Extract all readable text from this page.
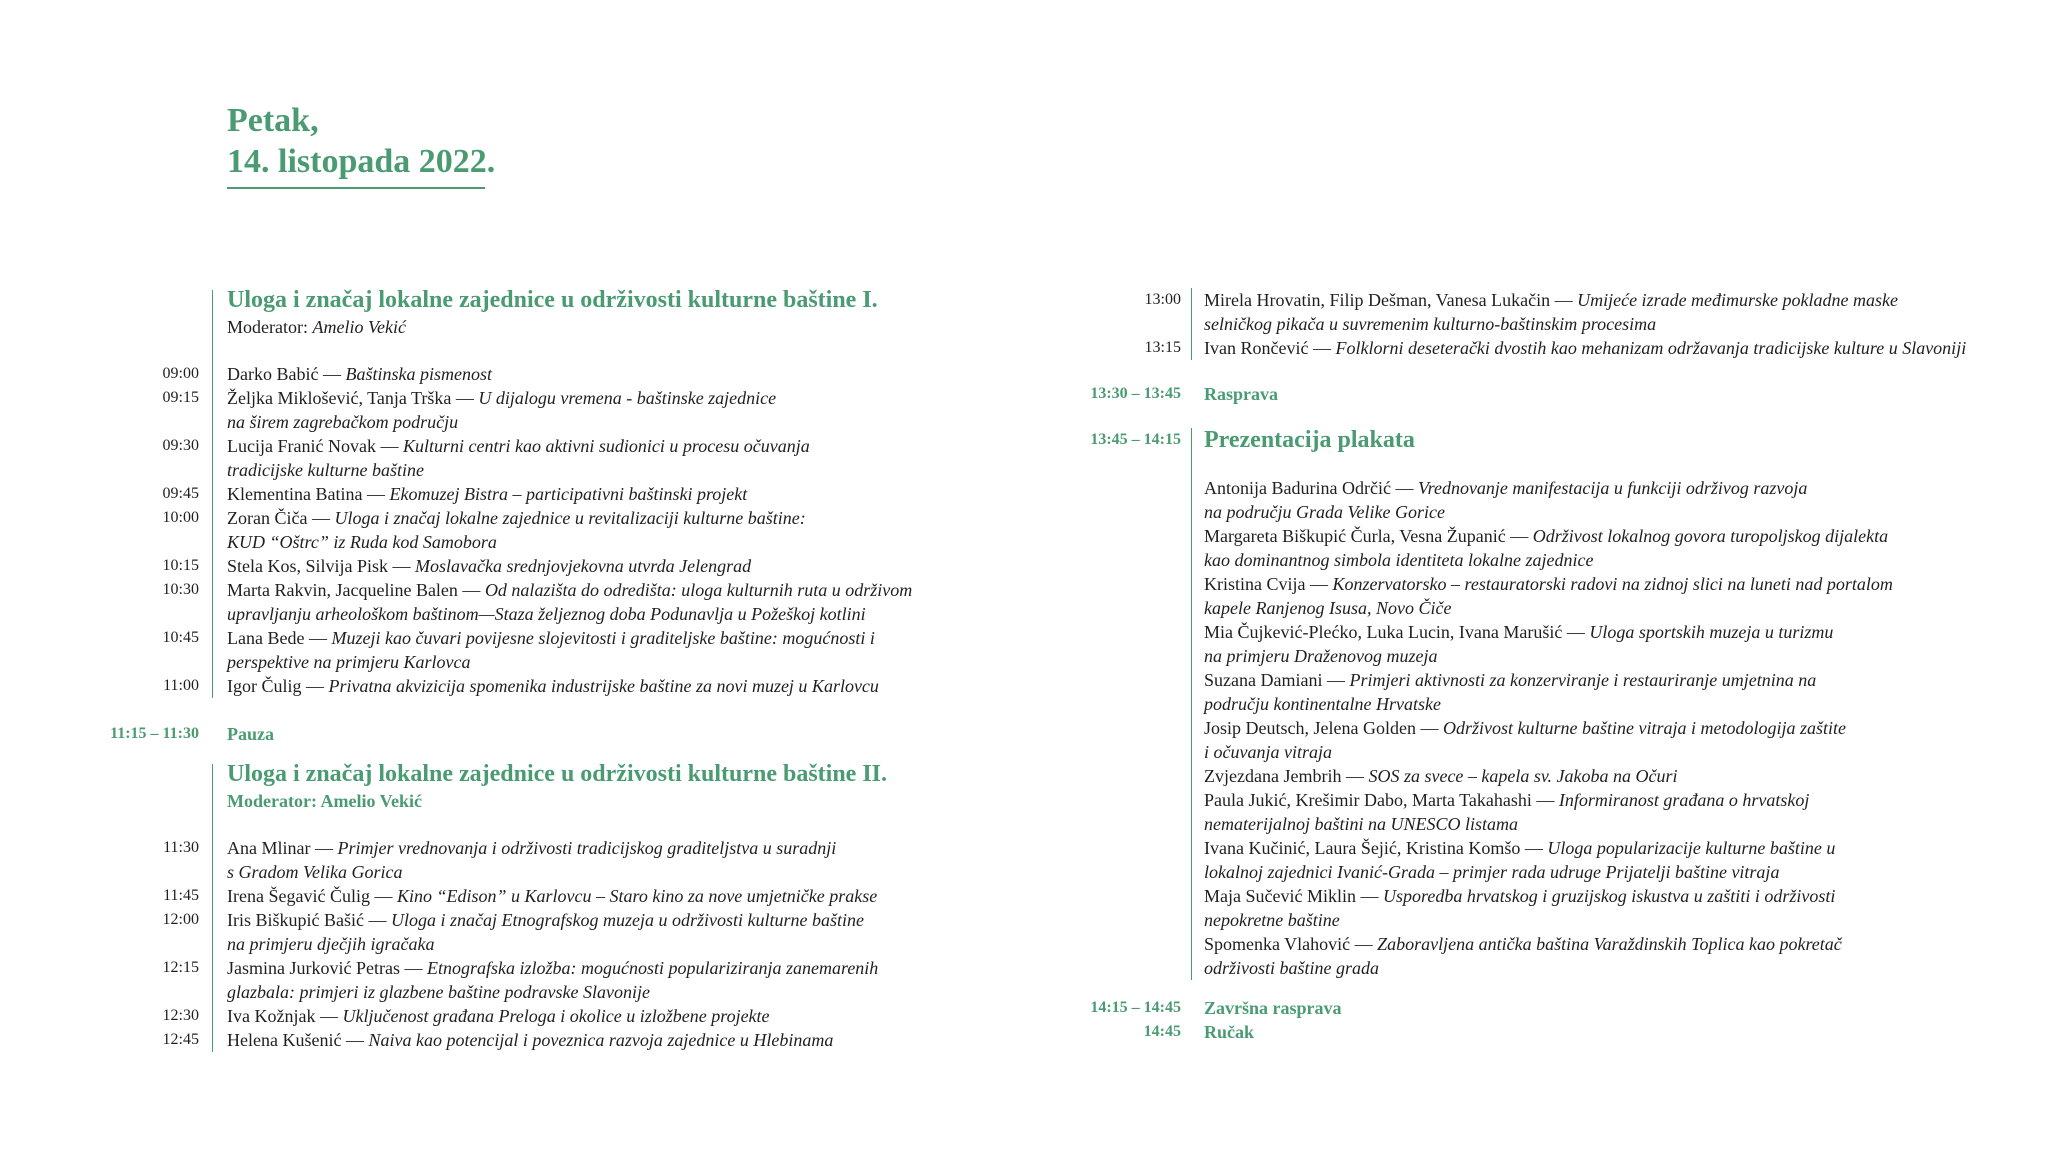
Petak,
14. listopada 2022.
Uloga i značaj lokalne zajednice u održivosti kulturne baštine I.
Moderator: Amelio Vekić
09:00 Darko Babić — Baštinska pismenost
09:15 Željka Miklošević, Tanja Trška — U dijalogu vremena - baštinske zajednice
na širem zagrebačkom području
09:30 Lucija Franić Novak — Kulturni centri kao aktivni sudionici u procesu očuvanja
tradicijske kulturne baštine
09:45 Klementina Batina — Ekomuzej Bistra – participativni baštinski projekt
10:00 Zoran Čiča — Uloga i značaj lokalne zajednice u revitalizaciji kulturne baštine:
KUD “Oštrc” iz Ruda kod Samobora
10:15 Stela Kos, Silvija Pisk — Moslavačka srednjovjekovna utvrda Jelengrad
10:30 Marta Rakvin, Jacqueline Balen — Od nalazišta do odredišta: uloga kulturnih ruta u održivom
upravljanju arheološkom baštinom—Staza željeznog doba Podunavlja u Požeškoj kotlini
10:45 Lana Bede — Muzeji kao čuvari povijesne slojevitosti i graditeljske baštine: mogućnosti i
perspektive na primjeru Karlovca
11:00 Igor Čulig — Privatna akvizicija spomenika industrijske baštine za novi muzej u Karlovcu
11:15 – 11:30 Pauza
Uloga i značaj lokalne zajednice u održivosti kulturne baštine II.
Moderator: Amelio Vekić
11:30 Ana Mlinar — Primjer vrednovanja i održivosti tradicijskog graditeljstva u suradnji
s Gradom Velika Gorica
11:45 Irena Šegavić Čulig — Kino “Edison” u Karlovcu – Staro kino za nove umjetničke prakse
12:00 Iris Biškupić Bašić — Uloga i značaj Etnografskog muzeja u održivosti kulturne baštine
na primjeru dječjih igračaka
12:15 Jasmina Jurković Petras — Etnografska izložba: mogućnosti populariziranja zanemarenih
glazbala: primjeri iz glazbene baštine podravske Slavonije
12:30 Iva Kožnjak — Uključenost građana Preloga i okolice u izložbene projekte
12:45 Helena Kušenić — Naiva kao potencijal i poveznica razvoja zajednice u Hlebinama
13:00 Mirela Hrovatin, Filip Dešman, Vanesa Lukačin — Umijeće izrade međimurske pokladne maske
selničkog pikača u suvremenim kulturno-baštinskim procesima
13:15 Ivan Rončević — Folklorni deseterački dvostih kao mehanizam održavanja tradicijske kulture u Slavoniji
13:30 – 13:45 Rasprava
13:45 – 14:15 Prezentacija plakata
Antonija Badurina Odrčić — Vrednovanje manifestacija u funkciji održivog razvoja
na području Grada Velike Gorice
Margareta Biškupić Čurla, Vesna Županić — Održivost lokalnog govora turopoljskog dijalekta
kao dominantnog simbola identiteta lokalne zajednice
Kristina Cvija — Konzervatorsko – restauratorski radovi na zidnoj slici na luneti nad portalom
kapele Ranjenog Isusa, Novo Čiče
Mia Čujkević-Plećko, Luka Lucin, Ivana Marušić — Uloga sportskih muzeja u turizmu
na primjeru Draženovog muzeja
Suzana Damiani — Primjeri aktivnosti za konzerviranje i restauriranje umjetnina na
području kontinentalne Hrvatske
Josip Deutsch, Jelena Golden — Održivost kulturne baštine vitraja i metodologija zaštite
i očuvanja vitraja
Zvjezdana Jembrih — SOS za svece – kapela sv. Jakoba na Očuri
Paula Jukić, Krešimir Dabo, Marta Takahashi — Informiranost građana o hrvatskoj
nematerijalnoj baštini na UNESCO listama
Ivana Kučinić, Laura Šejić, Kristina Komšo — Uloga popularizacije kulturne baštine u
lokalnoj zajednici Ivanić-Grada – primjer rada udruge Prijatelji baštine vitraja
Maja Sučević Miklin — Usporedba hrvatskog i gruzijskog iskustva u zaštiti i održivosti
nepokretne baštine
Spomenka Vlahović — Zaboravljena antička baština Varaždinskih Toplica kao pokretač
održivosti baštine grada
14:15 – 14:45 Završna rasprava
14:45 Ručak
